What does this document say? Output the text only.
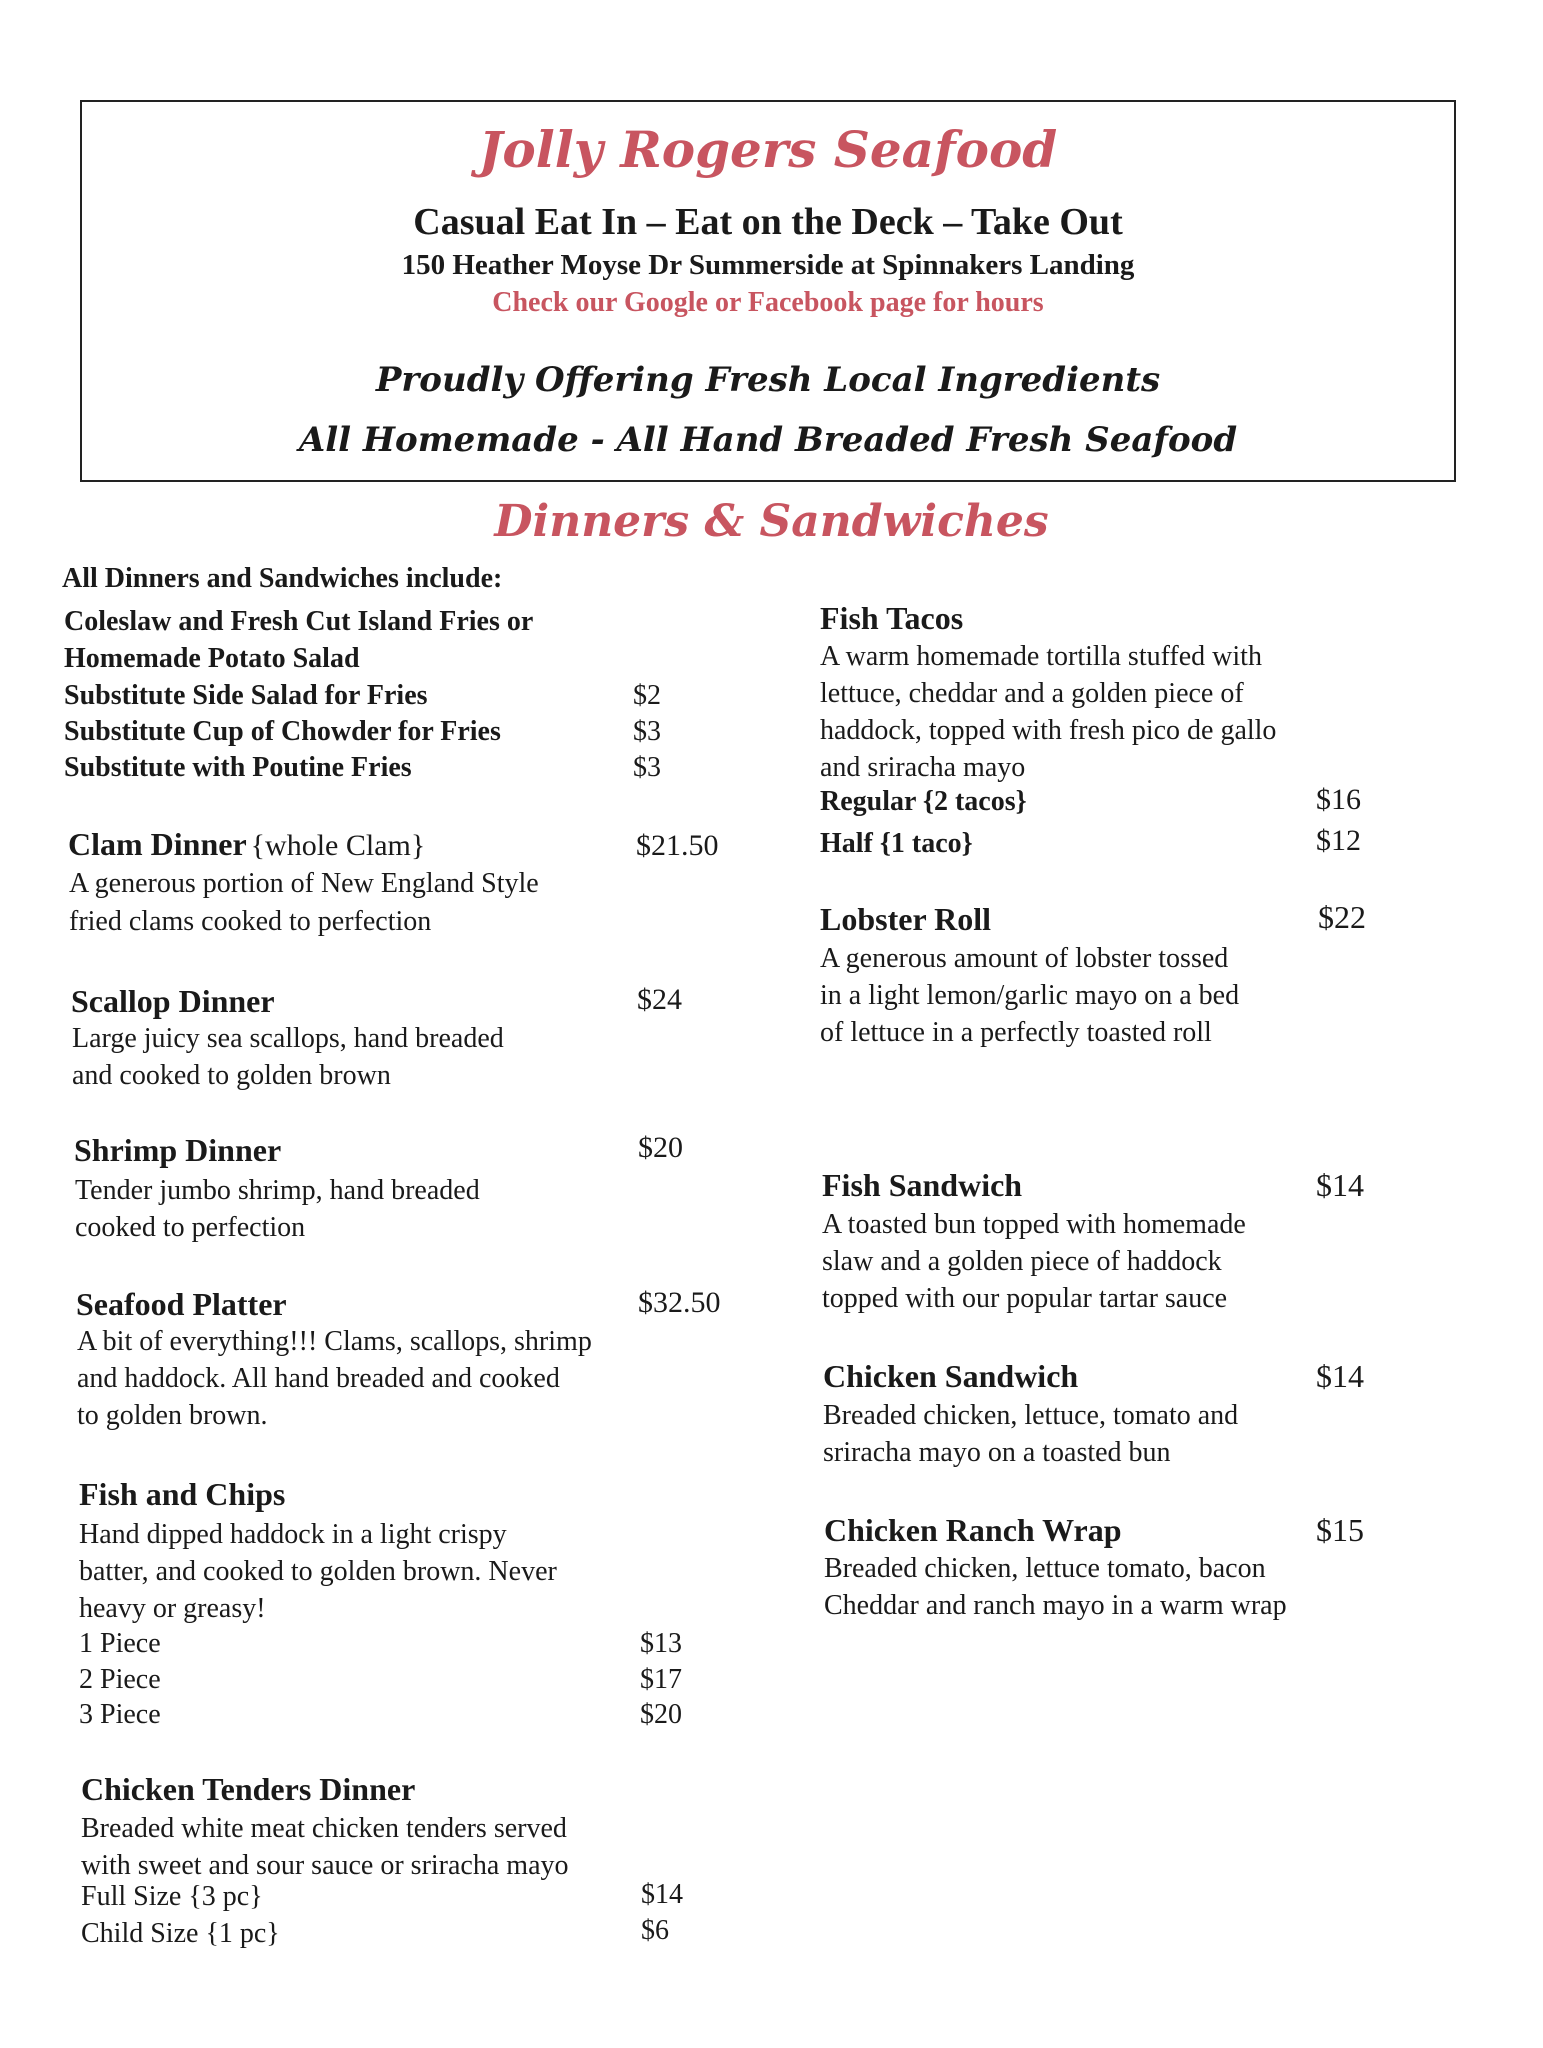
Jolly Rogers Seafood
Casual Eat In – Eat on the Deck – Take Out
150 Heather Moyse Dr Summerside at Spinnakers Landing
Check our Google or Facebook page for hours
Proudly Offering Fresh Local Ingredients
All Homemade - All Hand Breaded Fresh Seafood
Dinners & Sandwiches
All Dinners and Sandwiches include:
Coleslaw and Fresh Cut Island Fries or
Homemade Potato Salad
Substitute Side Salad for Fries	$2
Substitute Cup of Chowder for Fries	$3
Substitute with Poutine Fries	$3
Clam Dinner {whole Clam}	$21.50
A generous portion of New England Style
fried clams cooked to perfection
Scallop Dinner	$24
Large juicy sea scallops, hand breaded
and cooked to golden brown
Shrimp Dinner	$20
Tender jumbo shrimp, hand breaded
cooked to perfection
Seafood Platter	$32.50
A bit of everything!!! Clams, scallops, shrimp
and haddock. All hand breaded and cooked
to golden brown.
Fish and Chips
Hand dipped haddock in a light crispy
batter, and cooked to golden brown. Never
heavy or greasy!
1 Piece	$13
2 Piece	$17
3 Piece	$20
Chicken Tenders Dinner
Breaded white meat chicken tenders served
with sweet and sour sauce or sriracha mayo
Full Size {3 pc}	$14
Child Size {1 pc}	$6
Fish Tacos
A warm homemade tortilla stuffed with
lettuce, cheddar and a golden piece of
haddock, topped with fresh pico de gallo
and sriracha mayo
Regular {2 tacos}	$16
Half {1 taco}	$12
Lobster Roll	$22
A generous amount of lobster tossed
in a light lemon/garlic mayo on a bed
of lettuce in a perfectly toasted roll
Fish Sandwich	$14
A toasted bun topped with homemade
slaw and a golden piece of haddock
topped with our popular tartar sauce
Chicken Sandwich	$14
Breaded chicken, lettuce, tomato and
sriracha mayo on a toasted bun
Chicken Ranch Wrap	$15
Breaded chicken, lettuce tomato, bacon
Cheddar and ranch mayo in a warm wrap
